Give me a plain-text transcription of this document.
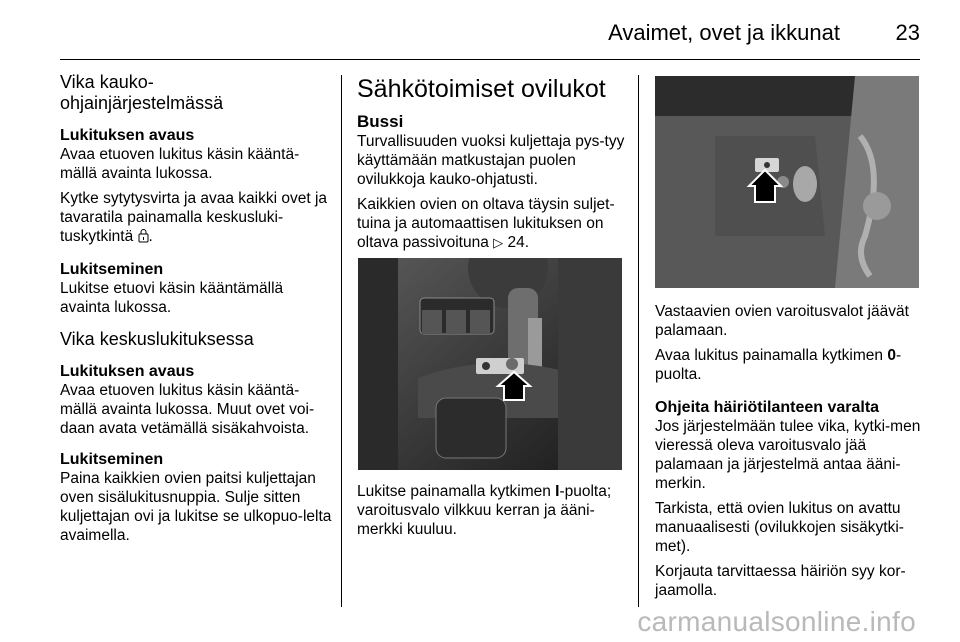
Avaimet, ovet ja ikkunat	23
Vika kauko-
ohjainjärjestelmässä
Lukituksen avaus

Avaa etuoven lukitus käsin kääntä-mällä avainta lukossa.

Kytke sytytysvirta ja avaa kaikki ovet ja tavaratila painamalla keskusluki-tuskytkintä .

Lukitseminen

Lukitse etuovi käsin kääntämällä avainta lukossa.

Vika keskuslukituksessa
Lukituksen avaus

Avaa etuoven lukitus käsin kääntä-mällä avainta lukossa. Muut ovet voi-daan avata vetämällä sisäkahvoista.

Lukitseminen

Paina kaikkien ovien paitsi kuljettajan oven sisälukitusnuppia. Sulje sitten kuljettajan ovi ja lukitse se ulkopuo-lelta avaimella.

Sähkötoimiset ovilukot
Bussi

Turvallisuuden vuoksi kuljettaja pys-tyy käyttämään matkustajan puolen ovilukkoja kauko-ohjatusti.

Kaikkien ovien on oltava täysin suljet-tuina ja automaattisen lukituksen on oltava passivoituna ▷ 24.

Lukitse painamalla kytkimen I-puolta; varoitusvalo vilkkuu kerran ja ääni-merkki kuuluu.

Vastaavien ovien varoitusvalot jäävät palamaan.

Avaa lukitus painamalla kytkimen 0-puolta.

Ohjeita häiriötilanteen varalta

Jos järjestelmään tulee vika, kytki-men vieressä oleva varoitusvalo jää palamaan ja järjestelmä antaa ääni-merkin.

Tarkista, että ovien lukitus on avattu manuaalisesti (ovilukkojen sisäkytki-met).

Korjauta tarvittaessa häiriön syy kor-jaamolla.

carmanualsonline.info
